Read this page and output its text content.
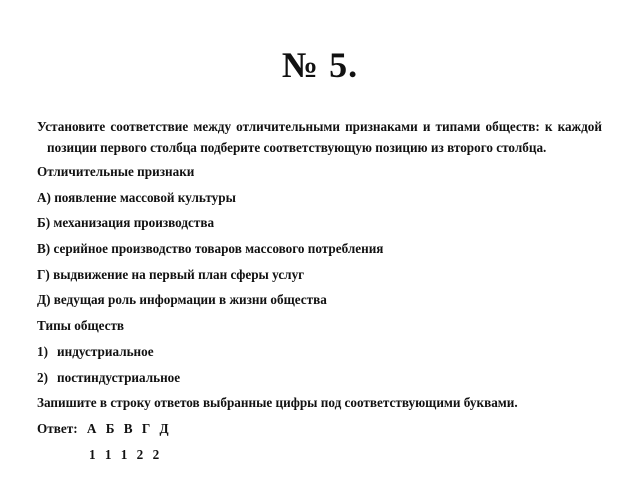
№ 5.

Установите соответствие между отличительными признаками и типами обществ: к каждой позиции первого столбца подберите соответствующую позицию из второго столбца.

Отличительные признаки
А) появление массовой культуры
Б) механизация производства
В) серийное производство товаров массового потребления
Г) выдвижение на первый план сферы услуг
Д) ведущая роль информации в жизни общества
Типы обществ
1) индустриальное
2) постиндустриальное
Запишите в строку ответов выбранные цифры под соответствующими буквами.
Ответ: А Б В Г Д
1 1 1 2 2
